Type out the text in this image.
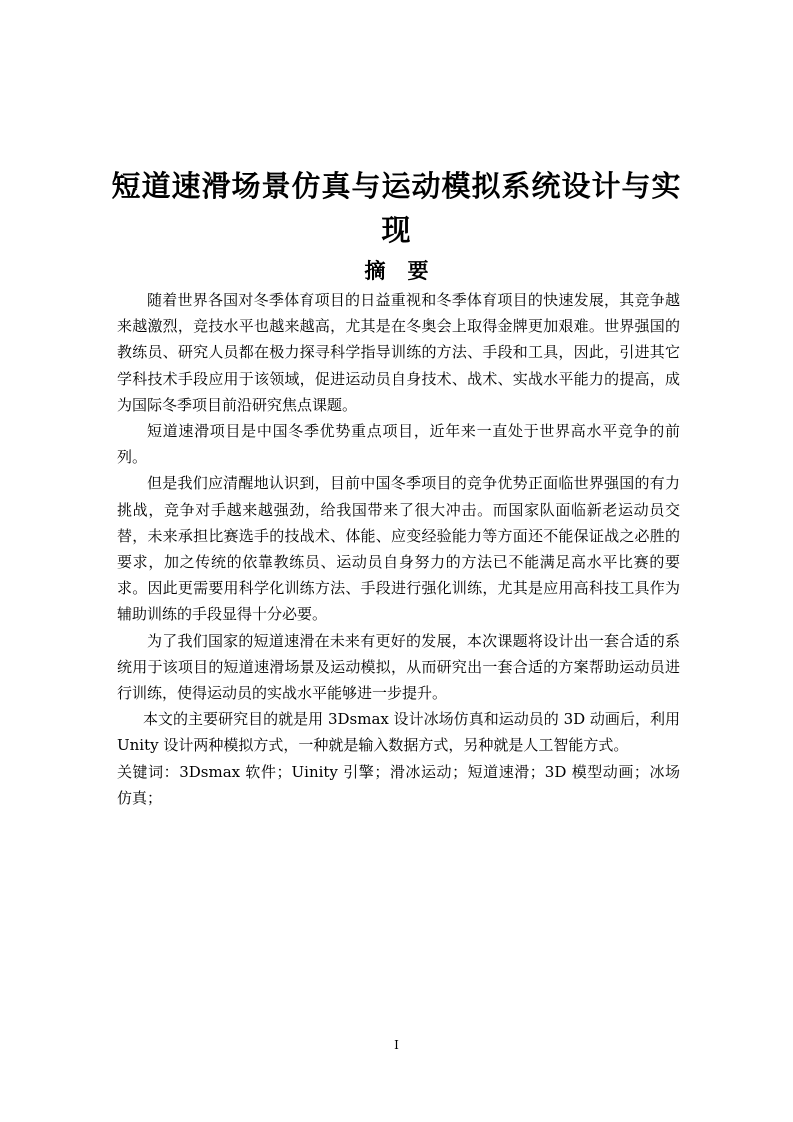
短道速滑场景仿真与运动模拟系统设计与实现
摘 要

随着世界各国对冬季体育项目的日益重视和冬季体育项目的快速发展，其竞争越来越激烈，竞技水平也越来越高，尤其是在冬奥会上取得金牌更加艰难。世界强国的教练员、研究人员都在极力探寻科学指导训练的方法、手段和工具，因此，引进其它学科技术手段应用于该领域，促进运动员自身技术、战术、实战水平能力的提高，成为国际冬季项目前沿研究焦点课题。

短道速滑项目是中国冬季优势重点项目，近年来一直处于世界高水平竞争的前列。

但是我们应清醒地认识到，目前中国冬季项目的竞争优势正面临世界强国的有力挑战，竞争对手越来越强劲，给我国带来了很大冲击。而国家队面临新老运动员交替，未来承担比赛选手的技战术、体能、应变经验能力等方面还不能保证战之必胜的要求，加之传统的依靠教练员、运动员自身努力的方法已不能满足高水平比赛的要求。因此更需要用科学化训练方法、手段进行强化训练，尤其是应用高科技工具作为辅助训练的手段显得十分必要。

为了我们国家的短道速滑在未来有更好的发展，本次课题将设计出一套合适的系统用于该项目的短道速滑场景及运动模拟，从而研究出一套合适的方案帮助运动员进行训练，使得运动员的实战水平能够进一步提升。

本文的主要研究目的就是用 3Dsmax 设计冰场仿真和运动员的 3D 动画后，利用 Unity 设计两种模拟方式，一种就是输入数据方式，另种就是人工智能方式。

关键词：3Dsmax 软件；Uinity 引擎；滑冰运动；短道速滑；3D 模型动画；冰场仿真；

I
